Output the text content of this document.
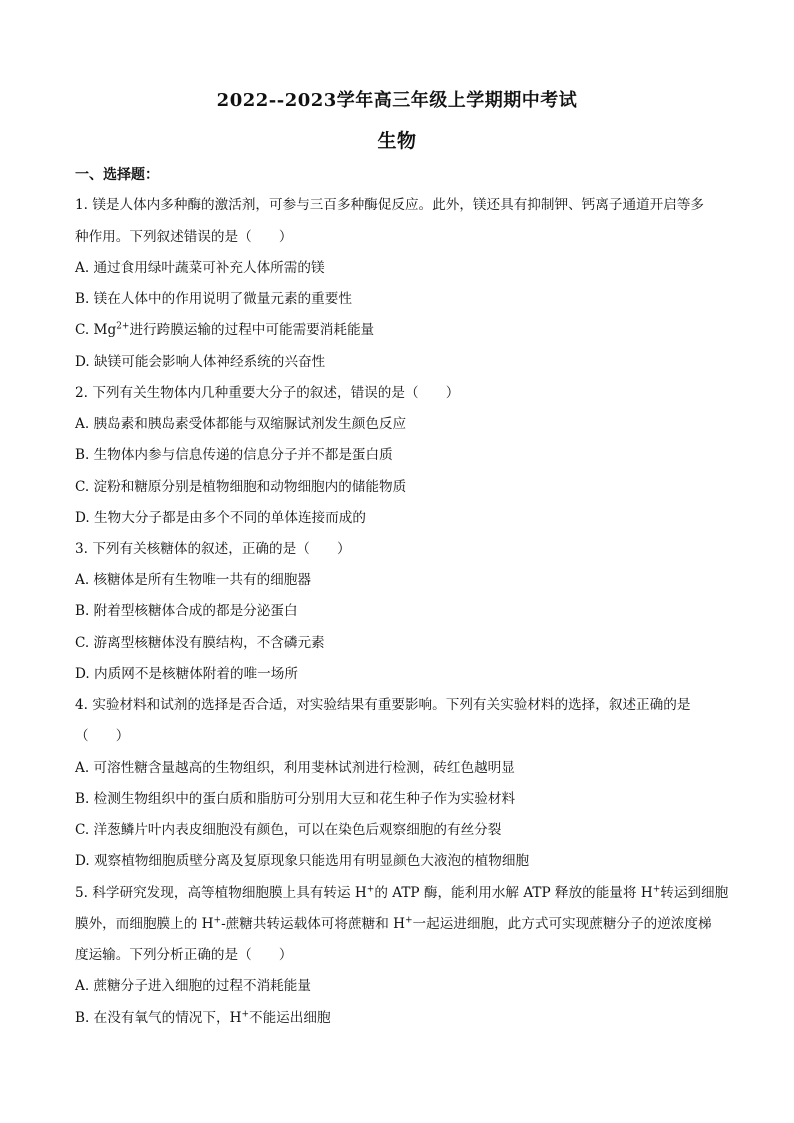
2022--2023学年高三年级上学期期中考试
生物
一、选择题：
1. 镁是人体内多种酶的激活剂，可参与三百多种酶促反应。此外，镁还具有抑制钾、钙离子通道开启等多
种作用。下列叙述错误的是（　　）
A. 通过食用绿叶蔬菜可补充人体所需的镁
B. 镁在人体中的作用说明了微量元素的重要性
C. $Mg^{2+}$进行跨膜运输的过程中可能需要消耗能量
D. 缺镁可能会影响人体神经系统的兴奋性
2. 下列有关生物体内几种重要大分子的叙述，错误的是（　　）
A. 胰岛素和胰岛素受体都能与双缩脲试剂发生颜色反应
B. 生物体内参与信息传递的信息分子并不都是蛋白质
C. 淀粉和糖原分别是植物细胞和动物细胞内的储能物质
D. 生物大分子都是由多个不同的单体连接而成的
3. 下列有关核糖体的叙述，正确的是（　　）
A. 核糖体是所有生物唯一共有的细胞器
B. 附着型核糖体合成的都是分泌蛋白
C. 游离型核糖体没有膜结构，不含磷元素
D. 内质网不是核糖体附着的唯一场所
4. 实验材料和试剂的选择是否合适，对实验结果有重要影响。下列有关实验材料的选择，叙述正确的是
（　　）
A. 可溶性糖含量越高的生物组织，利用斐林试剂进行检测，砖红色越明显
B. 检测生物组织中的蛋白质和脂肪可分别用大豆和花生种子作为实验材料
C. 洋葱鳞片叶内表皮细胞没有颜色，可以在染色后观察细胞的有丝分裂
D. 观察植物细胞质壁分离及复原现象只能选用有明显颜色大液泡的植物细胞
5. 科学研究发现，高等植物细胞膜上具有转运 H+的 ATP 酶，能利用水解 ATP 释放的能量将 H+转运到细胞
膜外，而细胞膜上的 H+-蔗糖共转运载体可将蔗糖和 H+一起运进细胞，此方式可实现蔗糖分子的逆浓度梯
度运输。下列分析正确的是（　　）
A. 蔗糖分子进入细胞的过程不消耗能量
B. 在没有氧气的情况下，H+不能运出细胞
